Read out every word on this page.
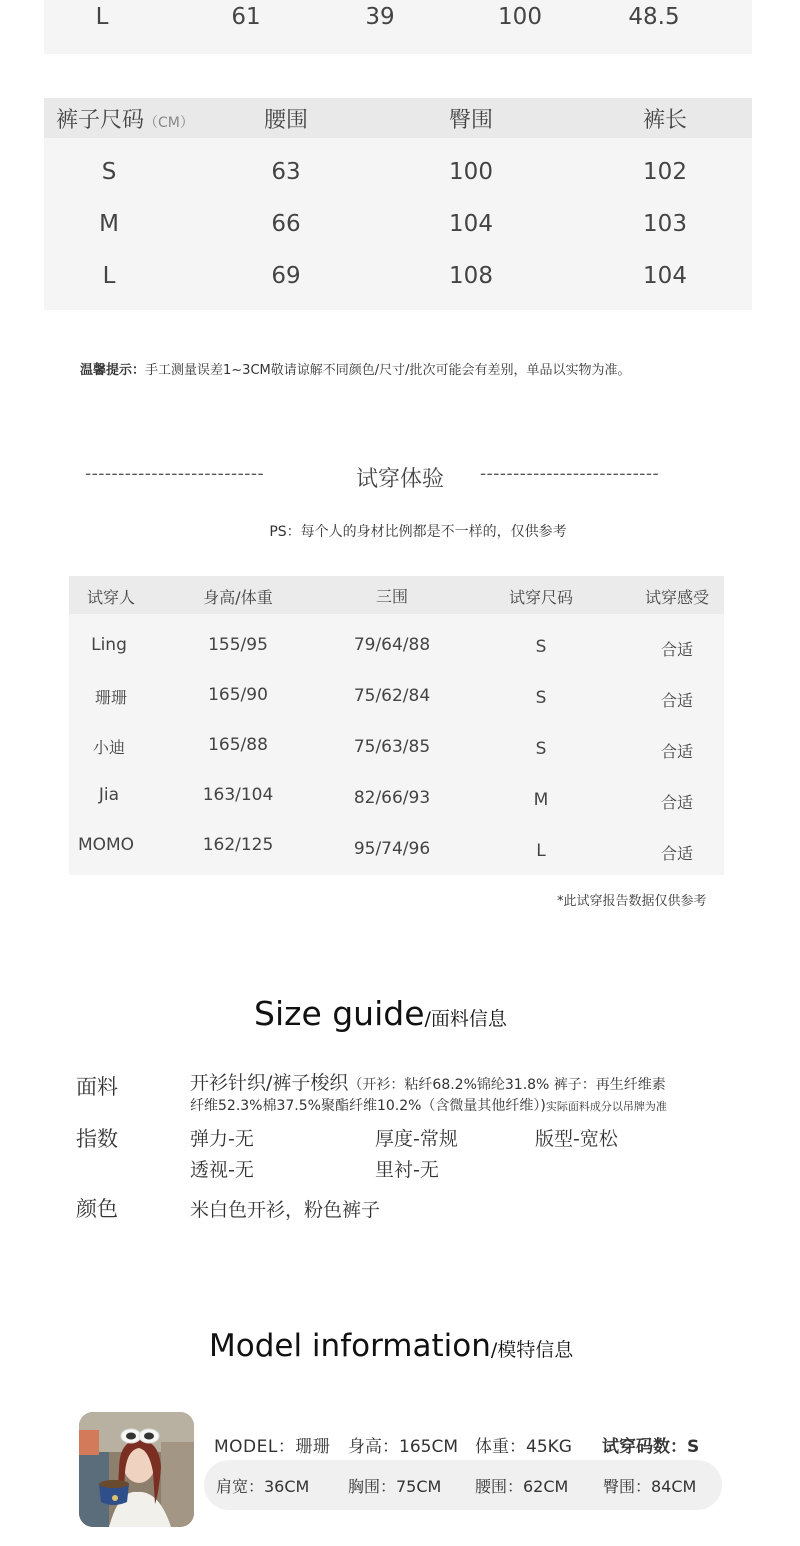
L	61	39	100	48.5
裤子尺码（CM）	腰围	臀围	裤长
S	63	100	102
M	66	104	103
L	69	108	104
温馨提示：手工测量误差1~3CM敬请谅解不同颜色/尺寸/批次可能会有差别，单品以实物为准。
---------------------------	试穿体验 ---------------------------
PS：每个人的身材比例都是不一样的，仅供参考
试穿人	身高/体重	三围	试穿尺码	试穿感受
Ling	155/95	79/64/88	S	合适
珊珊	165/90	75/62/84	S	合适
小迪	165/88	75/63/85	S	合适
Jia	163/104	82/66/93	M	合适
MOMO	162/125	95/74/96	L	合适
*此试穿报告数据仅供参考
Size guide/面料信息
面料	开衫针织/裤子梭织（开衫：粘纤68.2%锦纶31.8% 裤子：再生纤维素
纤维52.3%棉37.5%聚酯纤维10.2%（含微量其他纤维）)实际面料成分以吊牌为准
指数	弹力-无	厚度-常规	版型-宽松
透视-无	里衬-无
颜色	米白色开衫，粉色裤子
Model information/模特信息
MODEL：珊珊 身高：165CM 体重：45KG 试穿码数：S
肩宽：36CM 胸围：75CM 腰围：62CM 臀围：84CM
